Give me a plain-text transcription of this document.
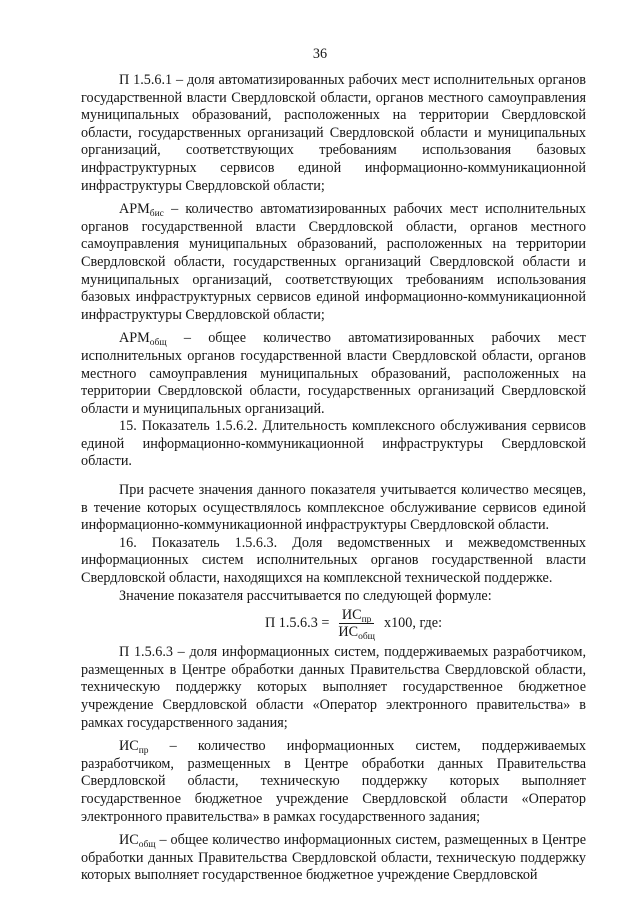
36

П 1.5.6.1 – доля автоматизированных рабочих мест исполнительных органов государственной власти Свердловской области, органов местного самоуправления муниципальных образований, расположенных на территории Свердловской области, государственных организаций Свердловской области и муниципальных организаций, соответствующих требованиям использования базовых инфраструктурных сервисов единой информационно-коммуникационной инфраструктуры Свердловской области;

$АРМ_{бис}$ – количество автоматизированных рабочих мест исполнительных органов государственной власти Свердловской области, органов местного самоуправления муниципальных образований, расположенных на территории Свердловской области, государственных организаций Свердловской области и муниципальных организаций, соответствующих требованиям использования базовых инфраструктурных сервисов единой информационно-коммуникационной инфраструктуры Свердловской области;

$АРМ_{общ}$ – общее количество автоматизированных рабочих мест исполнительных органов государственной власти Свердловской области, органов местного самоуправления муниципальных образований, расположенных на территории Свердловской области, государственных организаций Свердловской области и муниципальных организаций.

15. Показатель 1.5.6.2. Длительность комплексного обслуживания сервисов единой информационно-коммуникационной инфраструктуры Свердловской области.

При расчете значения данного показателя учитывается количество месяцев, в течение которых осуществлялось комплексное обслуживание сервисов единой информационно-коммуникационной инфраструктуры Свердловской области.

16. Показатель 1.5.6.3. Доля ведомственных и межведомственных информационных систем исполнительных органов государственной власти Свердловской области, находящихся на комплексной технической поддержке.

Значение показателя рассчитывается по следующей формуле:

П $1.5.6.3 = \frac{ИС_{пр}}{ИС_{общ}} x100$, где:

П 1.5.6.3 – доля информационных систем, поддерживаемых разработчиком, размещенных в Центре обработки данных Правительства Свердловской области, техническую поддержку которых выполняет государственное бюджетное учреждение Свердловской области «Оператор электронного правительства» в рамках государственного задания;

$ИС_{пр}$ – количество информационных систем, поддерживаемых разработчиком, размещенных в Центре обработки данных Правительства Свердловской области, техническую поддержку которых выполняет государственное бюджетное учреждение Свердловской области «Оператор электронного правительства» в рамках государственного задания;

$ИС_{общ}$ – общее количество информационных систем, размещенных в Центре обработки данных Правительства Свердловской области, техническую поддержку которых выполняет государственное бюджетное учреждение Свердловской
